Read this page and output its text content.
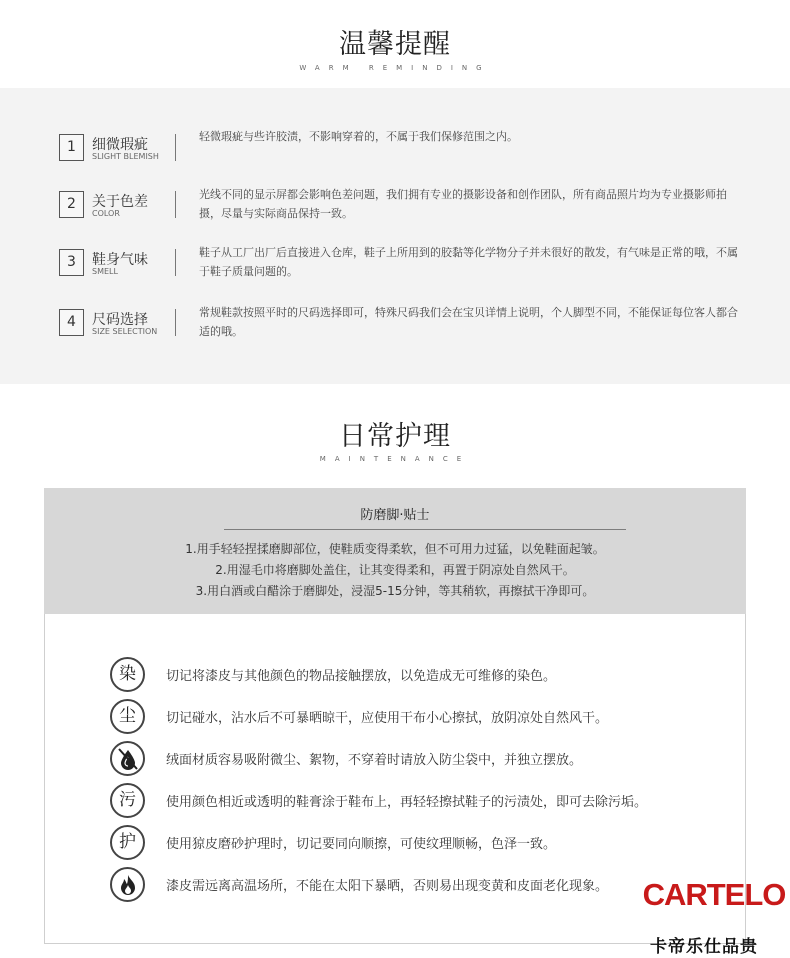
温馨提醒
WARM REMINDING
1	细微瑕疵
SLIGHT BLEMISH
轻微瑕疵与些许胶渍，不影响穿着的，不属于我们保修范围之内。
2	关于色差
COLOR
光线不同的显示屏都会影响色差问题，我们拥有专业的摄影设备和创作团队，所有商品照片均为专业摄影师拍摄，尽量与实际商品保持一致。
3	鞋身气味
SMELL
鞋子从工厂出厂后直接进入仓库，鞋子上所用到的胶黏等化学物分子并未很好的散发，有气味是正常的哦，不属于鞋子质量问题的。
4	尺码选择
SIZE SELECTION
常规鞋款按照平时的尺码选择即可，特殊尺码我们会在宝贝详情上说明，个人脚型不同，不能保证每位客人都合适的哦。
日常护理
MAINTENANCE
防磨脚·贴士
1.用手轻轻捏揉磨脚部位，使鞋质变得柔软，但不可用力过猛，以免鞋面起皱。
2.用湿毛巾将磨脚处盖住，让其变得柔和，再置于阴凉处自然风干。
3.用白酒或白醋涂于磨脚处，浸湿5-15分钟，等其稍软，再擦拭干净即可。
染	切记将漆皮与其他颜色的物品接触摆放，以免造成无可维修的染色。
尘	切记碰水，沾水后不可暴晒晾干，应使用干布小心擦拭，放阴凉处自然风干。
绒面材质容易吸附微尘、絮物，不穿着时请放入防尘袋中，并独立摆放。
污	使用颜色相近或透明的鞋膏涂于鞋布上，再轻轻擦拭鞋子的污渍处，即可去除污垢。
护	使用猄皮磨砂护理时，切记要同向顺擦，可使纹理顺畅，色泽一致。
漆皮需远离高温场所，不能在太阳下暴晒，否则易出现变黄和皮面老化现象。 CARTELO
卡帝乐仕品贵
